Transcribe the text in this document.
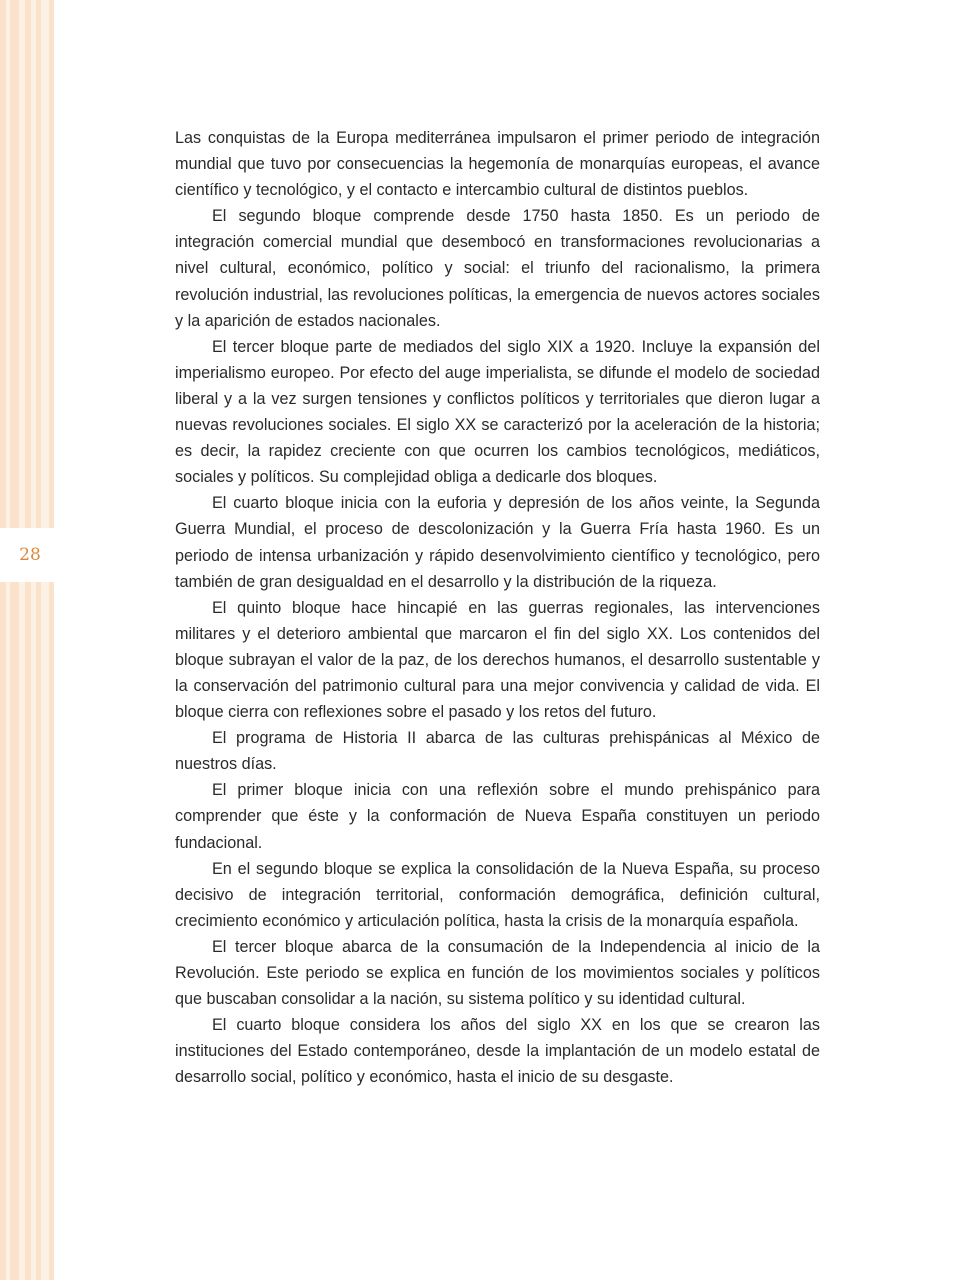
28

Las conquistas de la Europa mediterránea impulsaron el primer periodo de integración mundial que tuvo por consecuencias la hegemonía de monarquías europeas, el avance científico y tecnológico, y el contacto e intercambio cultural de distintos pueblos.

El segundo bloque comprende desde 1750 hasta 1850. Es un periodo de integración comercial mundial que desembocó en transformaciones revolucionarias a nivel cultural, económico, político y social: el triunfo del racionalismo, la primera revolución industrial, las revoluciones políticas, la emergencia de nuevos actores sociales y la aparición de estados nacionales.

El tercer bloque parte de mediados del siglo XIX a 1920. Incluye la expansión del imperialismo europeo. Por efecto del auge imperialista, se difunde el modelo de sociedad liberal y a la vez surgen tensiones y conflictos políticos y territoriales que dieron lugar a nuevas revoluciones sociales. El siglo XX se caracterizó por la aceleración de la historia; es decir, la rapidez creciente con que ocurren los cambios tecnológicos, mediáticos, sociales y políticos. Su complejidad obliga a dedicarle dos bloques.

El cuarto bloque inicia con la euforia y depresión de los años veinte, la Segunda Guerra Mundial, el proceso de descolonización y la Guerra Fría hasta 1960. Es un periodo de intensa urbanización y rápido desenvolvimiento científico y tecnológico, pero también de gran desigualdad en el desarrollo y la distribución de la riqueza.

El quinto bloque hace hincapié en las guerras regionales, las intervenciones militares y el deterioro ambiental que marcaron el fin del siglo XX. Los contenidos del bloque subrayan el valor de la paz, de los derechos humanos, el desarrollo sustentable y la conservación del patrimonio cultural para una mejor convivencia y calidad de vida. El bloque cierra con reflexiones sobre el pasado y los retos del futuro.

El programa de Historia II abarca de las culturas prehispánicas al México de nuestros días.

El primer bloque inicia con una reflexión sobre el mundo prehispánico para comprender que éste y la conformación de Nueva España constituyen un periodo fundacional.

En el segundo bloque se explica la consolidación de la Nueva España, su proceso decisivo de integración territorial, conformación demográfica, definición cultural, crecimiento económico y articulación política, hasta la crisis de la monarquía española.

El tercer bloque abarca de la consumación de la Independencia al inicio de la Revolución. Este periodo se explica en función de los movimientos sociales y políticos que buscaban consolidar a la nación, su sistema político y su identidad cultural.

El cuarto bloque considera los años del siglo XX en los que se crearon las instituciones del Estado contemporáneo, desde la implantación de un modelo estatal de desarrollo social, político y económico, hasta el inicio de su desgaste.
